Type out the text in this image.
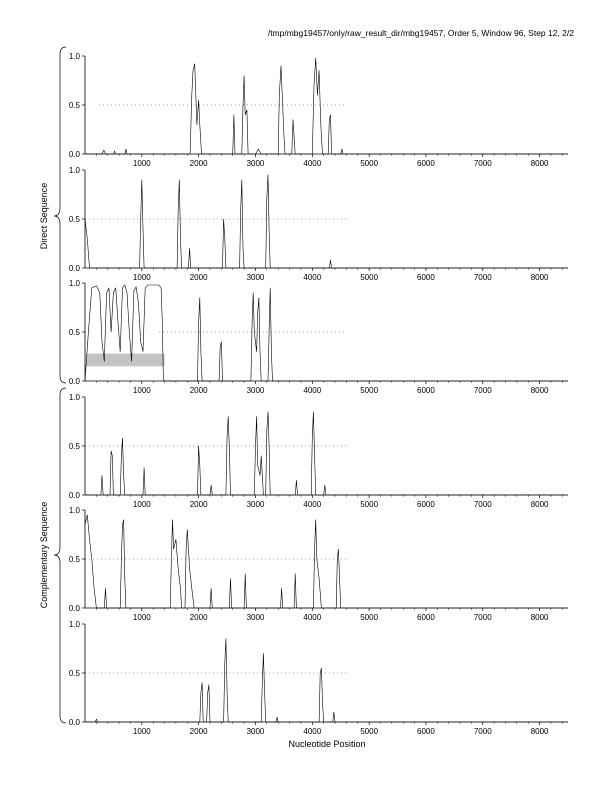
/tmp/mbg19457/only/raw_result_dir/mbg19457, Order 5, Window 96, Step 12, 2/2
Direct Sequence
Complementary Sequence
0.0
0.5
1.0
1000	2000	3000	4000	5000	6000	7000	8000
0.0
0.5
1.0
1000	2000	3000	4000	5000	6000	7000	8000
0.0
0.5
1.0
1000	2000	3000	4000	5000	6000	7000	8000
0.0
0.5
1.0
1000	2000	3000	4000	5000	6000	7000	8000
0.0
0.5
1.0
1000	2000	3000	4000	5000	6000	7000	8000
0.0
0.5
1.0
1000	2000	3000	4000	5000	6000	7000	8000
Nucleotide Position
